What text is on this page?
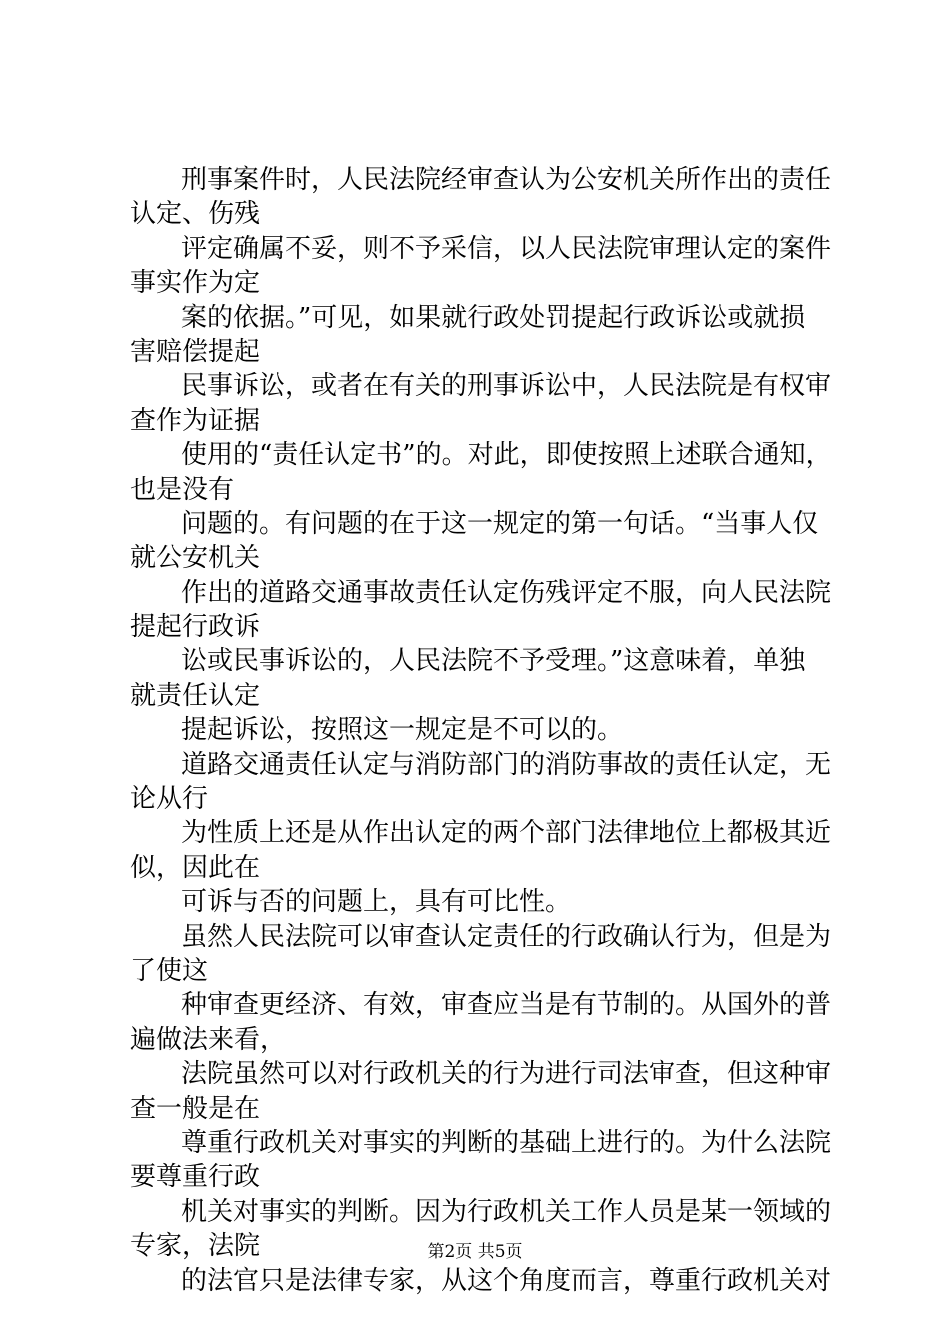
刑事案件时，人民法院经审查认为公安机关所作出的责任
认定、伤残
评定确属不妥，则不予采信，以人民法院审理认定的案件
事实作为定
案的依据。”可见，如果就行政处罚提起行政诉讼或就损
害赔偿提起
民事诉讼，或者在有关的刑事诉讼中，人民法院是有权审
查作为证据
使用的“责任认定书”的。对此，即使按照上述联合通知，
也是没有
问题的。有问题的在于这一规定的第一句话。“当事人仅
就公安机关
作出的道路交通事故责任认定伤残评定不服，向人民法院
提起行政诉
讼或民事诉讼的，人民法院不予受理。”这意味着，单独
就责任认定
提起诉讼，按照这一规定是不可以的。
道路交通责任认定与消防部门的消防事故的责任认定，无
论从行
为性质上还是从作出认定的两个部门法律地位上都极其近
似，因此在
可诉与否的问题上，具有可比性。
虽然人民法院可以审查认定责任的行政确认行为，但是为
了使这
种审查更经济、有效，审查应当是有节制的。从国外的普
遍做法来看，
法院虽然可以对行政机关的行为进行司法审查，但这种审
查一般是在
尊重行政机关对事实的判断的基础上进行的。为什么法院
要尊重行政
机关对事实的判断。因为行政机关工作人员是某一领域的
专家，法院
的法官只是法律专家，从这个角度而言，尊重行政机关对
第2页 共5页
